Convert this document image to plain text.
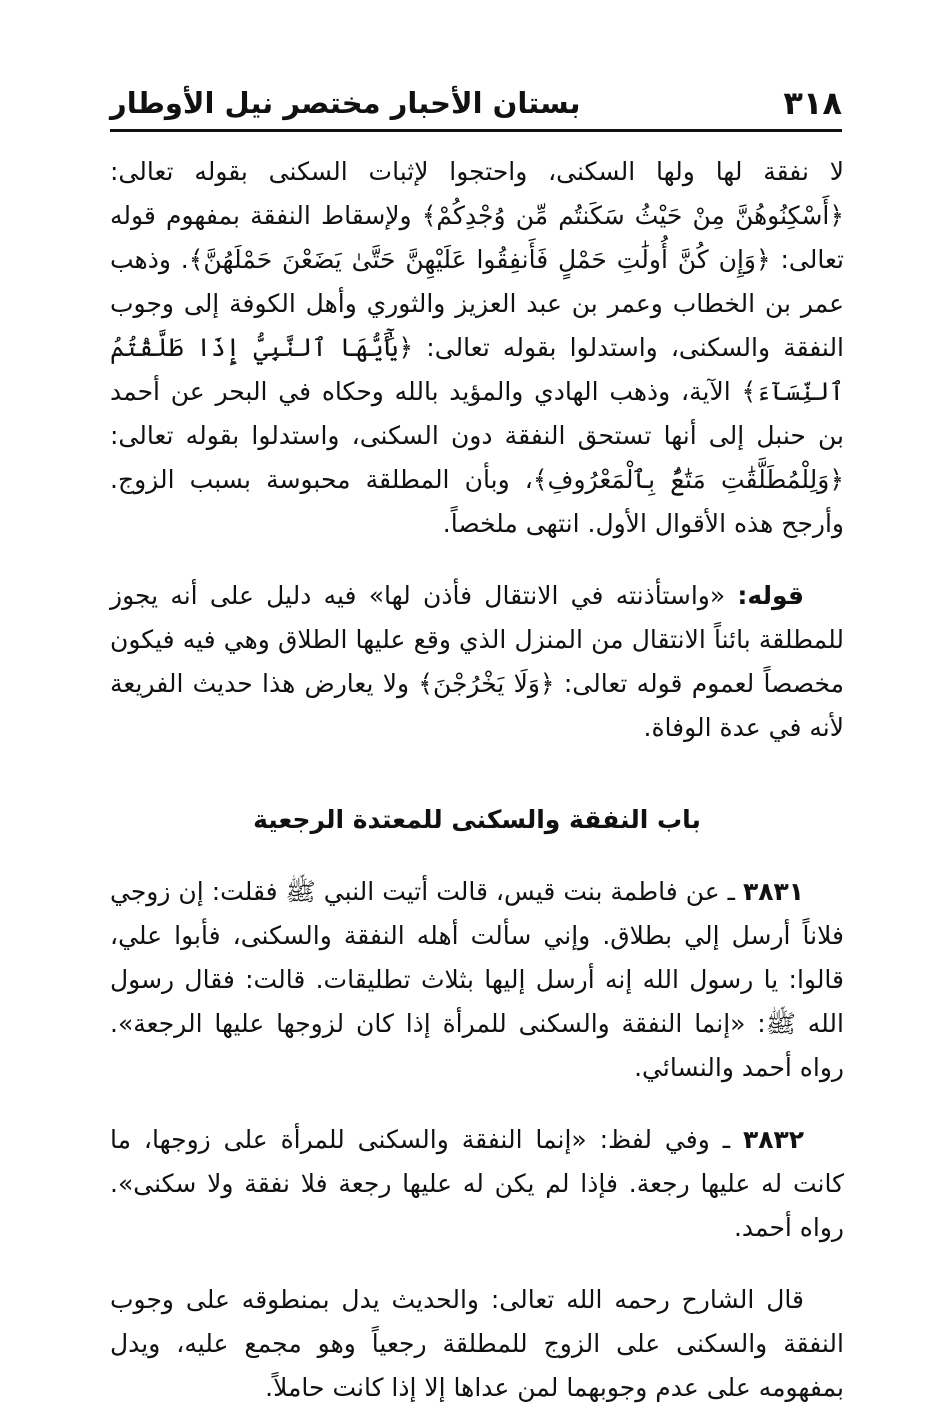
٣١٨
بستان الأحبار مختصر نيل الأوطار

لا نفقة لها ولها السكنى، واحتجوا لإثبات السكنى بقوله تعالى: ﴿أَسْكِنُوهُنَّ مِنْ حَيْثُ سَكَنتُم مِّن وُجْدِكُمْ﴾ ولإسقاط النفقة بمفهوم قوله تعالى: ﴿وَإِن كُنَّ أُولَٰتِ حَمْلٍ فَأَنفِقُوا عَلَيْهِنَّ حَتَّىٰ يَضَعْنَ حَمْلَهُنَّ﴾. وذهب عمر بن الخطاب وعمر بن عبد العزيز والثوري وأهل الكوفة إلى وجوب النفقة والسكنى، واستدلوا بقوله تعالى: ﴿يَٰٓأَيُّهَا ٱلنَّبِيُّ إِذَا طَلَّقْتُمُ ٱلنِّسَآءَ﴾ الآية، وذهب الهادي والمؤيد بالله وحكاه في البحر عن أحمد بن حنبل إلى أنها تستحق النفقة دون السكنى، واستدلوا بقوله تعالى: ﴿وَلِلْمُطَلَّقَٰتِ مَتَٰعٌۢ بِٱلْمَعْرُوفِ﴾، وبأن المطلقة محبوسة بسبب الزوج. وأرجح هذه الأقوال الأول. انتهى ملخصاً.

قوله: «واستأذنته في الانتقال فأذن لها» فيه دليل على أنه يجوز للمطلقة بائناً الانتقال من المنزل الذي وقع عليها الطلاق وهي فيه فيكون مخصصاً لعموم قوله تعالى: ﴿وَلَا يَخْرُجْنَ﴾ ولا يعارض هذا حديث الفريعة لأنه في عدة الوفاة.

باب النفقة والسكنى للمعتدة الرجعية

٣٨٣١ ـ عن فاطمة بنت قيس، قالت أتيت النبي ﷺ فقلت: إن زوجي فلاناً أرسل إلي بطلاق. وإني سألت أهله النفقة والسكنى، فأبوا علي، قالوا: يا رسول الله إنه أرسل إليها بثلاث تطليقات. قالت: فقال رسول الله ﷺ: «إنما النفقة والسكنى للمرأة إذا كان لزوجها عليها الرجعة». رواه أحمد والنسائي.

٣٨٣٢ ـ وفي لفظ: «إنما النفقة والسكنى للمرأة على زوجها، ما كانت له عليها رجعة. فإذا لم يكن له عليها رجعة فلا نفقة ولا سكنى». رواه أحمد.

قال الشارح رحمه الله تعالى: والحديث يدل بمنطوقه على وجوب النفقة والسكنى على الزوج للمطلقة رجعياً وهو مجمع عليه، ويدل بمفهومه على عدم وجوبهما لمن عداها إلا إذا كانت حاملاً.
